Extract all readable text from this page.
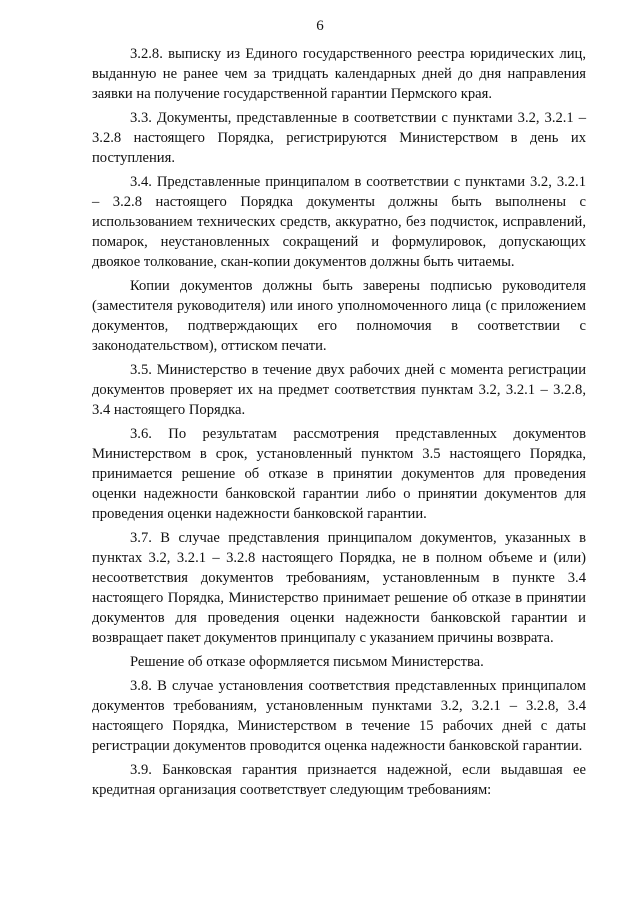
6

3.2.8. выписку из Единого государственного реестра юридических лиц, выданную не ранее чем за тридцать календарных дней до дня направления заявки на получение государственной гарантии Пермского края.

3.3. Документы, представленные в соответствии с пунктами 3.2, 3.2.1 – 3.2.8 настоящего Порядка, регистрируются Министерством в день их поступления.

3.4. Представленные принципалом в соответствии с пунктами 3.2, 3.2.1 – 3.2.8 настоящего Порядка документы должны быть выполнены с использованием технических средств, аккуратно, без подчисток, исправлений, помарок, неустановленных сокращений и формулировок, допускающих двоякое толкование, скан-копии документов должны быть читаемы.

Копии документов должны быть заверены подписью руководителя (заместителя руководителя) или иного уполномоченного лица (с приложением документов, подтверждающих его полномочия в соответствии с законодательством), оттиском печати.

3.5. Министерство в течение двух рабочих дней с момента регистрации документов проверяет их на предмет соответствия пунктам 3.2, 3.2.1 – 3.2.8, 3.4 настоящего Порядка.

3.6. По результатам рассмотрения представленных документов Министерством в срок, установленный пунктом 3.5 настоящего Порядка, принимается решение об отказе в принятии документов для проведения оценки надежности банковской гарантии либо о принятии документов для проведения оценки надежности банковской гарантии.

3.7. В случае представления принципалом документов, указанных в пунктах 3.2, 3.2.1 – 3.2.8 настоящего Порядка, не в полном объеме и (или) несоответствия документов требованиям, установленным в пункте 3.4 настоящего Порядка, Министерство принимает решение об отказе в принятии документов для проведения оценки надежности банковской гарантии и возвращает пакет документов принципалу с указанием причины возврата.

Решение об отказе оформляется письмом Министерства.

3.8. В случае установления соответствия представленных принципалом документов требованиям, установленным пунктами 3.2, 3.2.1 – 3.2.8, 3.4 настоящего Порядка, Министерством в течение 15 рабочих дней с даты регистрации документов проводится оценка надежности банковской гарантии.

3.9. Банковская гарантия признается надежной, если выдавшая ее кредитная организация соответствует следующим требованиям:
